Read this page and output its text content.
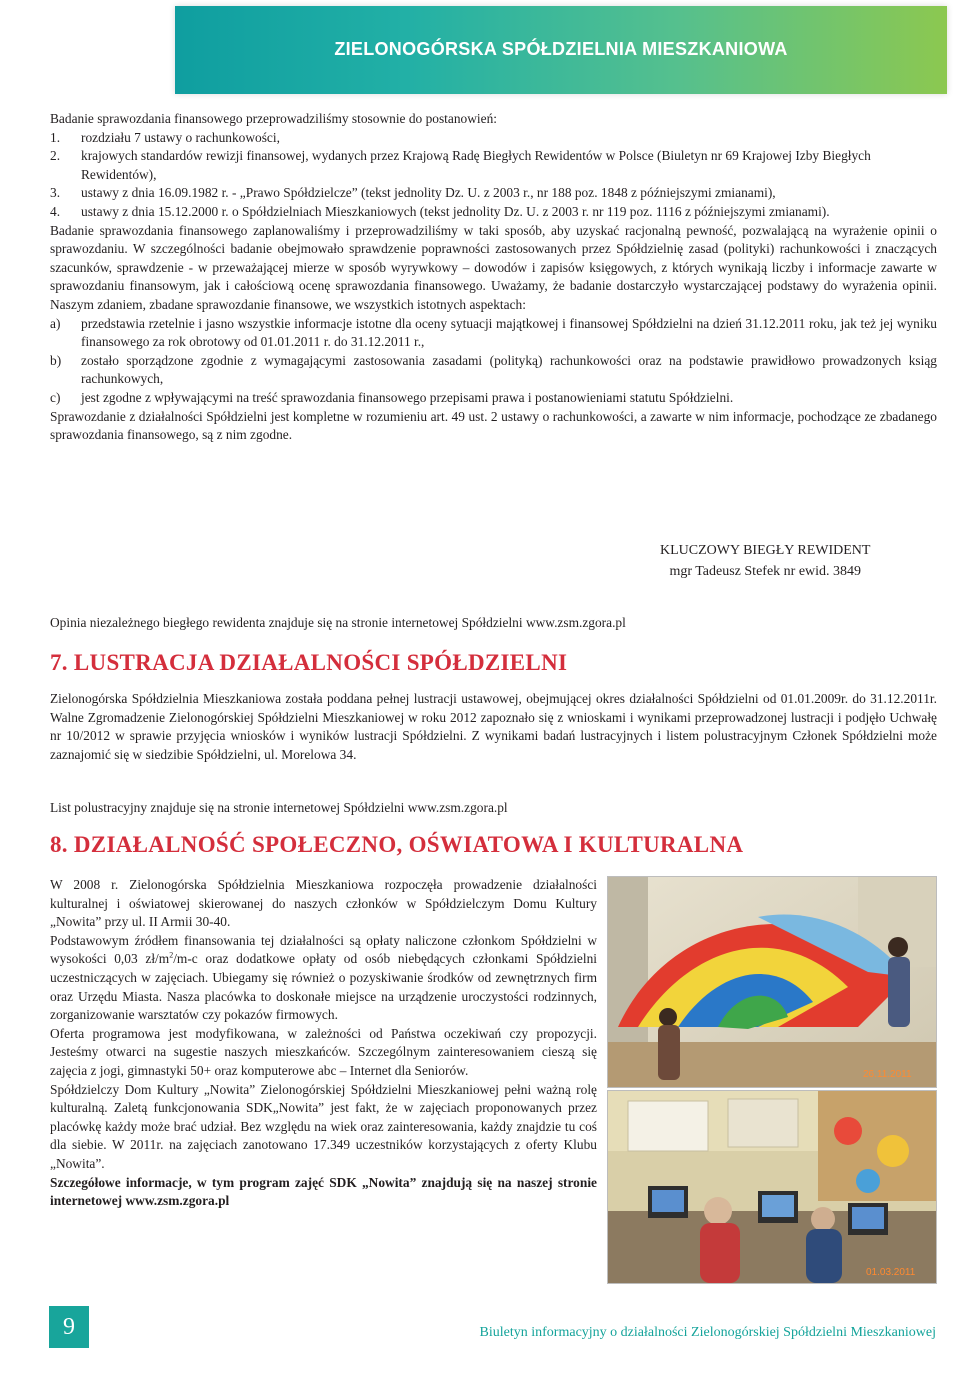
ZIELONOGÓRSKA SPÓŁDZIELNIA MIESZKANIOWA

Badanie sprawozdania finansowego przeprowadziliśmy stosownie do postanowień:

1. rozdziału 7 ustawy o rachunkowości,
2. krajowych standardów rewizji finansowej, wydanych przez Krajową Radę Biegłych Rewidentów w Polsce (Biuletyn nr 69 Krajowej Izby Biegłych Rewidentów),
3. ustawy z dnia 16.09.1982 r. - „Prawo Spółdzielcze” (tekst jednolity Dz. U. z 2003 r., nr 188 poz. 1848 z późniejszymi zmianami),
4. ustawy z dnia 15.12.2000 r. o Spółdzielniach Mieszkaniowych (tekst jednolity Dz. U. z 2003 r. nr 119 poz. 1116 z późniejszymi zmianami).

Badanie sprawozdania finansowego zaplanowaliśmy i przeprowadziliśmy w taki sposób, aby uzyskać racjonalną pewność, pozwalającą na wyrażenie opinii o sprawozdaniu. W szczególności badanie obejmowało sprawdzenie poprawności zastosowanych przez Spółdzielnię zasad (polityki) rachunkowości i znaczących szacunków, sprawdzenie - w przeważającej mierze w sposób wyrywkowy – dowodów i zapisów księgowych, z których wynikają liczby i informacje zawarte w sprawozdaniu finansowym, jak i całościową ocenę sprawozdania finansowego. Uważamy, że badanie dostarczyło wystarczającej podstawy do wyrażenia opinii. Naszym zdaniem, zbadane sprawozdanie finansowe, we wszystkich istotnych aspektach:

a) przedstawia rzetelnie i jasno wszystkie informacje istotne dla oceny sytuacji majątkowej i finansowej Spółdzielni na dzień 31.12.2011 roku, jak też jej wyniku finansowego za rok obrotowy od 01.01.2011 r. do 31.12.2011 r.,
b) zostało sporządzone zgodnie z wymagającymi zastosowania zasadami (polityką) rachunkowości oraz na podstawie prawidłowo prowadzonych ksiąg rachunkowych,
c) jest zgodne z wpływającymi na treść sprawozdania finansowego przepisami prawa i postanowieniami statutu Spółdzielni.

Sprawozdanie z działalności Spółdzielni jest kompletne w rozumieniu art. 49 ust. 2 ustawy o rachunkowości, a zawarte w nim informacje, pochodzące ze zbadanego sprawozdania finansowego, są z nim zgodne.

KLUCZOWY BIEGŁY REWIDENT
mgr Tadeusz Stefek nr ewid. 3849
Opinia niezależnego biegłego rewidenta znajduje się na stronie internetowej Spółdzielni www.zsm.zgora.pl
7. LUSTRACJA DZIAŁALNOŚCI SPÓŁDZIELNI
Zielonogórska Spółdzielnia Mieszkaniowa została poddana pełnej lustracji ustawowej, obejmującej okres działalności Spółdzielni od 01.01.2009r. do 31.12.2011r. Walne Zgromadzenie Zielonogórskiej Spółdzielni Mieszkaniowej w roku 2012 zapoznało się z wnioskami i wynikami przeprowadzonej lustracji i podjęło Uchwałę nr 10/2012 w sprawie przyjęcia wniosków i wyników lustracji Spółdzielni. Z wynikami badań lustracyjnych i listem polustracyjnym Członek Spółdzielni może zaznajomić się w siedzibie Spółdzielni, ul. Morelowa 34.
List polustracyjny znajduje się na stronie internetowej Spółdzielni www.zsm.zgora.pl
8. DZIAŁALNOŚĆ SPOŁECZNO, OŚWIATOWA I KULTURALNA

W 2008 r. Zielonogórska Spółdzielnia Mieszkaniowa rozpoczęła prowadzenie działalności kulturalnej i oświatowej skierowanej do naszych członków w Spółdzielczym Domu Kultury „Nowita” przy ul. II Armii 30-40.

Podstawowym źródłem finansowania tej działalności są opłaty naliczone członkom Spółdzielni w wysokości 0,03 $zł/m^2/m-c$ oraz dodatkowe opłaty od osób niebędących członkami Spółdzielni uczestniczących w zajęciach. Ubiegamy się również o pozyskiwanie środków od zewnętrznych firm oraz Urzędu Miasta. Nasza placówka to doskonałe miejsce na urządzenie uroczystości rodzinnych, zorganizowanie warsztatów czy pokazów firmowych.

Oferta programowa jest modyfikowana, w zależności od Państwa oczekiwań czy propozycji. Jesteśmy otwarci na sugestie naszych mieszkańców. Szczególnym zainteresowaniem cieszą się zajęcia z jogi, gimnastyki 50+ oraz komputerowe abc – Internet dla Seniorów.

Spółdzielczy Dom Kultury „Nowita” Zielonogórskiej Spółdzielni Mieszkaniowej pełni ważną rolę kulturalną. Zaletą funkcjonowania SDK„Nowita” jest fakt, że w zajęciach proponowanych przez placówkę każdy może brać udział. Bez względu na wiek oraz zainteresowania, każdy znajdzie tu coś dla siebie. W 2011r. na zajęciach zanotowano 17.349 uczestników korzystających z oferty Klubu „Nowita”.

Szczegółowe informacje, w tym program zajęć SDK „Nowita” znajdują się na naszej stronie internetowej www.zsm.zgora.pl

26.11.2011
01.03.2011
9	Biuletyn informacyjny o działalności Zielonogórskiej Spółdzielni Mieszkaniowej
